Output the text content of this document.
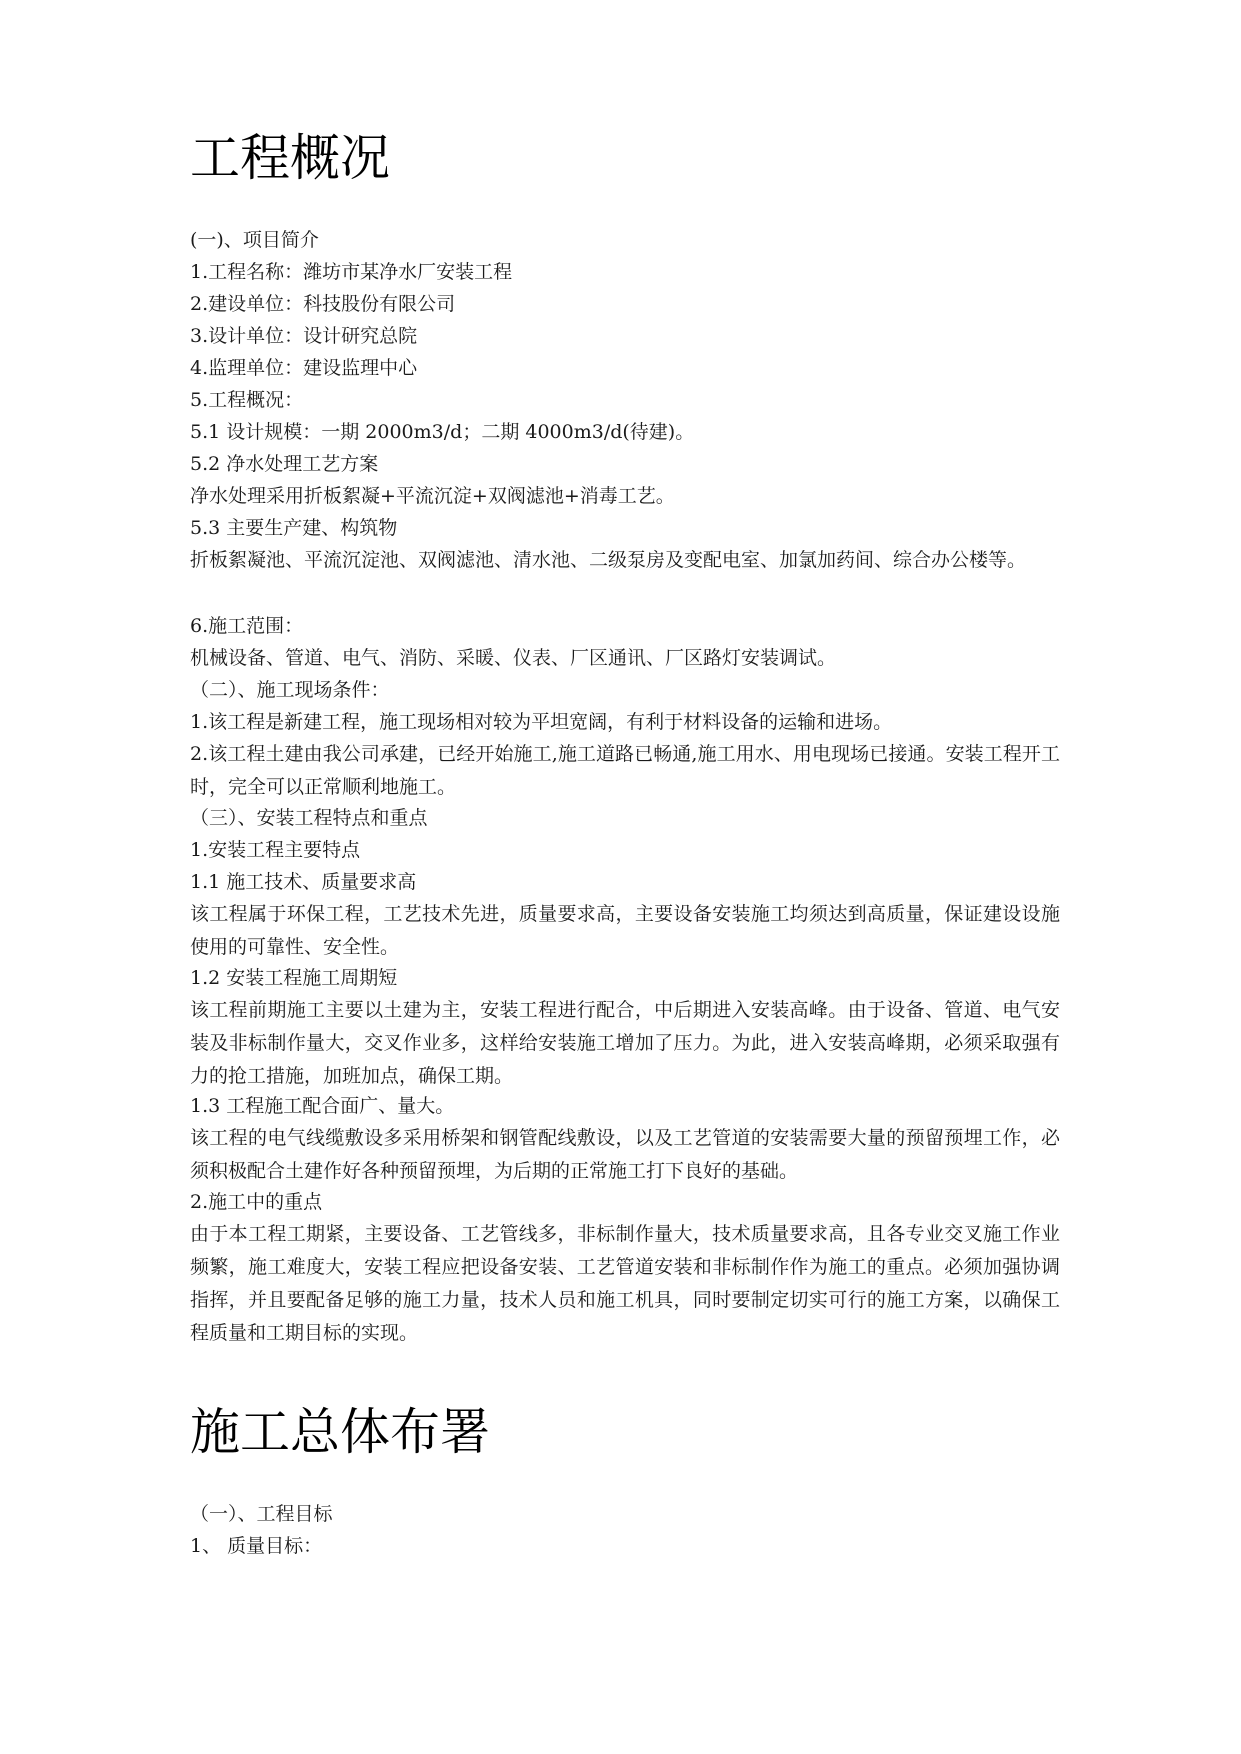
工程概况
(一)、项目简介
1.工程名称：潍坊市某净水厂安装工程
2.建设单位：科技股份有限公司
3.设计单位：设计研究总院
4.监理单位：建设监理中心
5.工程概况：
5.1 设计规模：一期 2000m3/d；二期 4000m3/d(待建)。
5.2 净水处理工艺方案
净水处理采用折板絮凝+平流沉淀+双阀滤池+消毒工艺。
5.3 主要生产建、构筑物
折板絮凝池、平流沉淀池、双阀滤池、清水池、二级泵房及变配电室、加氯加药间、综合办公楼等。
6.施工范围：
机械设备、管道、电气、消防、采暖、仪表、厂区通讯、厂区路灯安装调试。
（二）、施工现场条件：
1.该工程是新建工程，施工现场相对较为平坦宽阔，有利于材料设备的运输和进场。
2.该工程土建由我公司承建，已经开始施工,施工道路已畅通,施工用水、用电现场已接通。安装工程开工时，完全可以正常顺利地施工。
（三）、安装工程特点和重点
1.安装工程主要特点
1.1 施工技术、质量要求高
该工程属于环保工程，工艺技术先进，质量要求高，主要设备安装施工均须达到高质量，保证建设设施使用的可靠性、安全性。
1.2 安装工程施工周期短
该工程前期施工主要以土建为主，安装工程进行配合，中后期进入安装高峰。由于设备、管道、电气安装及非标制作量大，交叉作业多，这样给安装施工增加了压力。为此，进入安装高峰期，必须采取强有力的抢工措施，加班加点，确保工期。
1.3 工程施工配合面广、量大。
该工程的电气线缆敷设多采用桥架和钢管配线敷设，以及工艺管道的安装需要大量的预留预埋工作，必须积极配合土建作好各种预留预埋，为后期的正常施工打下良好的基础。
2.施工中的重点
由于本工程工期紧，主要设备、工艺管线多，非标制作量大，技术质量要求高，且各专业交叉施工作业频繁，施工难度大，安装工程应把设备安装、工艺管道安装和非标制作作为施工的重点。必须加强协调指挥，并且要配备足够的施工力量，技术人员和施工机具，同时要制定切实可行的施工方案，以确保工程质量和工期目标的实现。
施工总体布署
（一）、工程目标
1、 质量目标：
